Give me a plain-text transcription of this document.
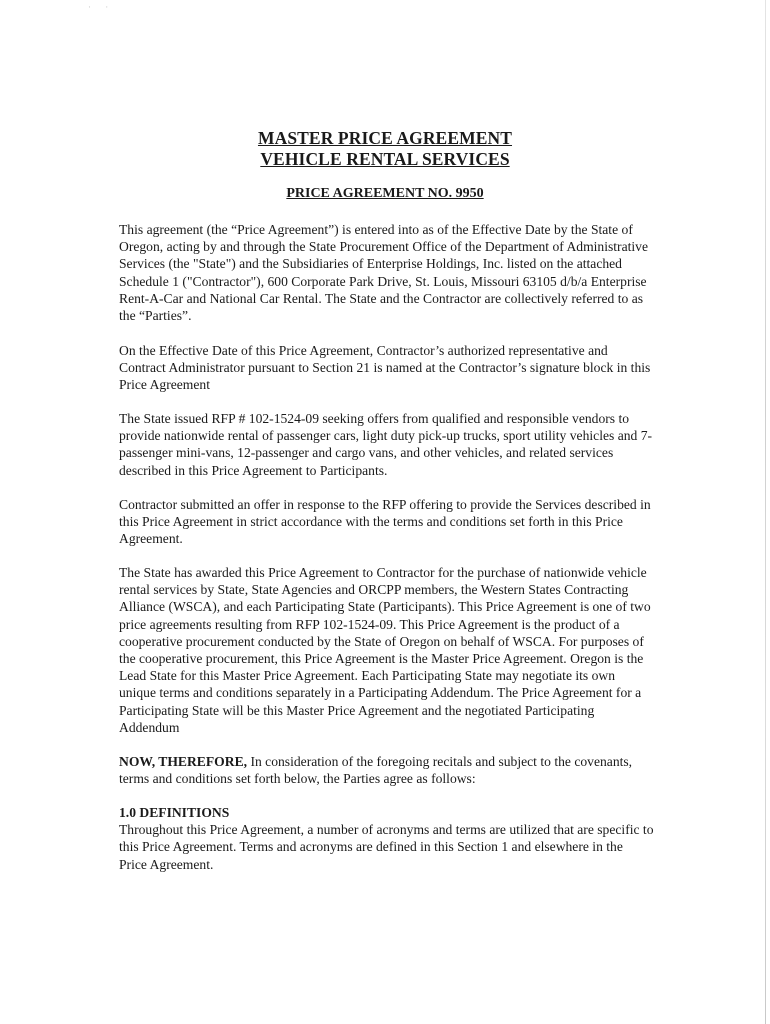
· ·

MASTER PRICE AGREEMENT

VEHICLE RENTAL SERVICES

PRICE AGREEMENT NO. 9950

This agreement (the “Price Agreement”) is entered into as of the Effective Date by the State of Oregon, acting by and through the State Procurement Office of the Department of Administrative Services (the "State") and the Subsidiaries of Enterprise Holdings, Inc. listed on the attached Schedule 1 ("Contractor"), 600 Corporate Park Drive, St. Louis, Missouri 63105 d/b/a Enterprise Rent-A-Car and National Car Rental. The State and the Contractor are collectively referred to as the “Parties”.

On the Effective Date of this Price Agreement, Contractor’s authorized representative and Contract Administrator pursuant to Section 21 is named at the Contractor’s signature block in this Price Agreement

The State issued RFP # 102-1524-09 seeking offers from qualified and responsible vendors to provide nationwide rental of passenger cars, light duty pick-up trucks, sport utility vehicles and 7-passenger mini-vans, 12-passenger and cargo vans, and other vehicles, and related services described in this Price Agreement to Participants.

Contractor submitted an offer in response to the RFP offering to provide the Services described in this Price Agreement in strict accordance with the terms and conditions set forth in this Price Agreement.

The State has awarded this Price Agreement to Contractor for the purchase of nationwide vehicle rental services by State, State Agencies and ORCPP members, the Western States Contracting Alliance (WSCA), and each Participating State (Participants). This Price Agreement is one of two price agreements resulting from RFP 102-1524-09. This Price Agreement is the product of a cooperative procurement conducted by the State of Oregon on behalf of WSCA. For purposes of the cooperative procurement, this Price Agreement is the Master Price Agreement. Oregon is the Lead State for this Master Price Agreement. Each Participating State may negotiate its own unique terms and conditions separately in a Participating Addendum. The Price Agreement for a Participating State will be this Master Price Agreement and the negotiated Participating Addendum

NOW, THEREFORE, In consideration of the foregoing recitals and subject to the covenants, terms and conditions set forth below, the Parties agree as follows:

1.0 DEFINITIONS
Throughout this Price Agreement, a number of acronyms and terms are utilized that are specific to this Price Agreement. Terms and acronyms are defined in this Section 1 and elsewhere in the Price Agreement.
